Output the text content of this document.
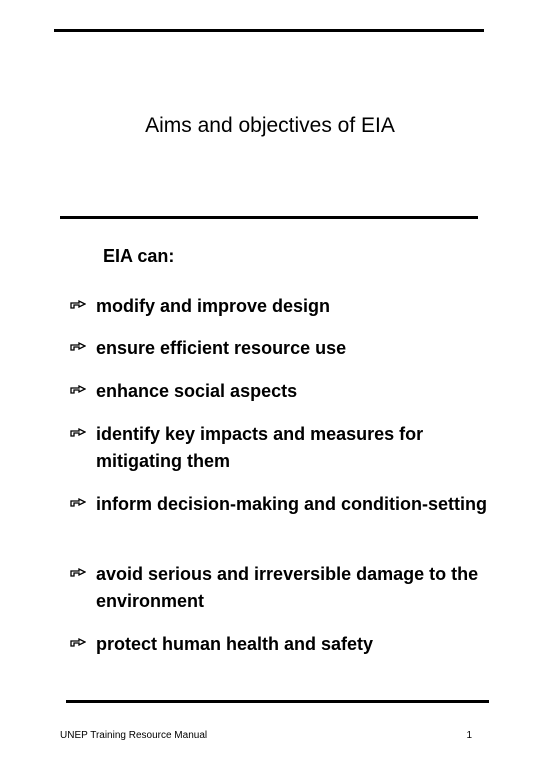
Aims and objectives of EIA
EIA can:
modify and improve design
ensure efficient resource use
enhance social aspects
identify key impacts and measures for mitigating them
inform decision-making and condition-setting
avoid serious and irreversible damage to the environment
protect human health and safety
UNEP Training Resource Manual	1
